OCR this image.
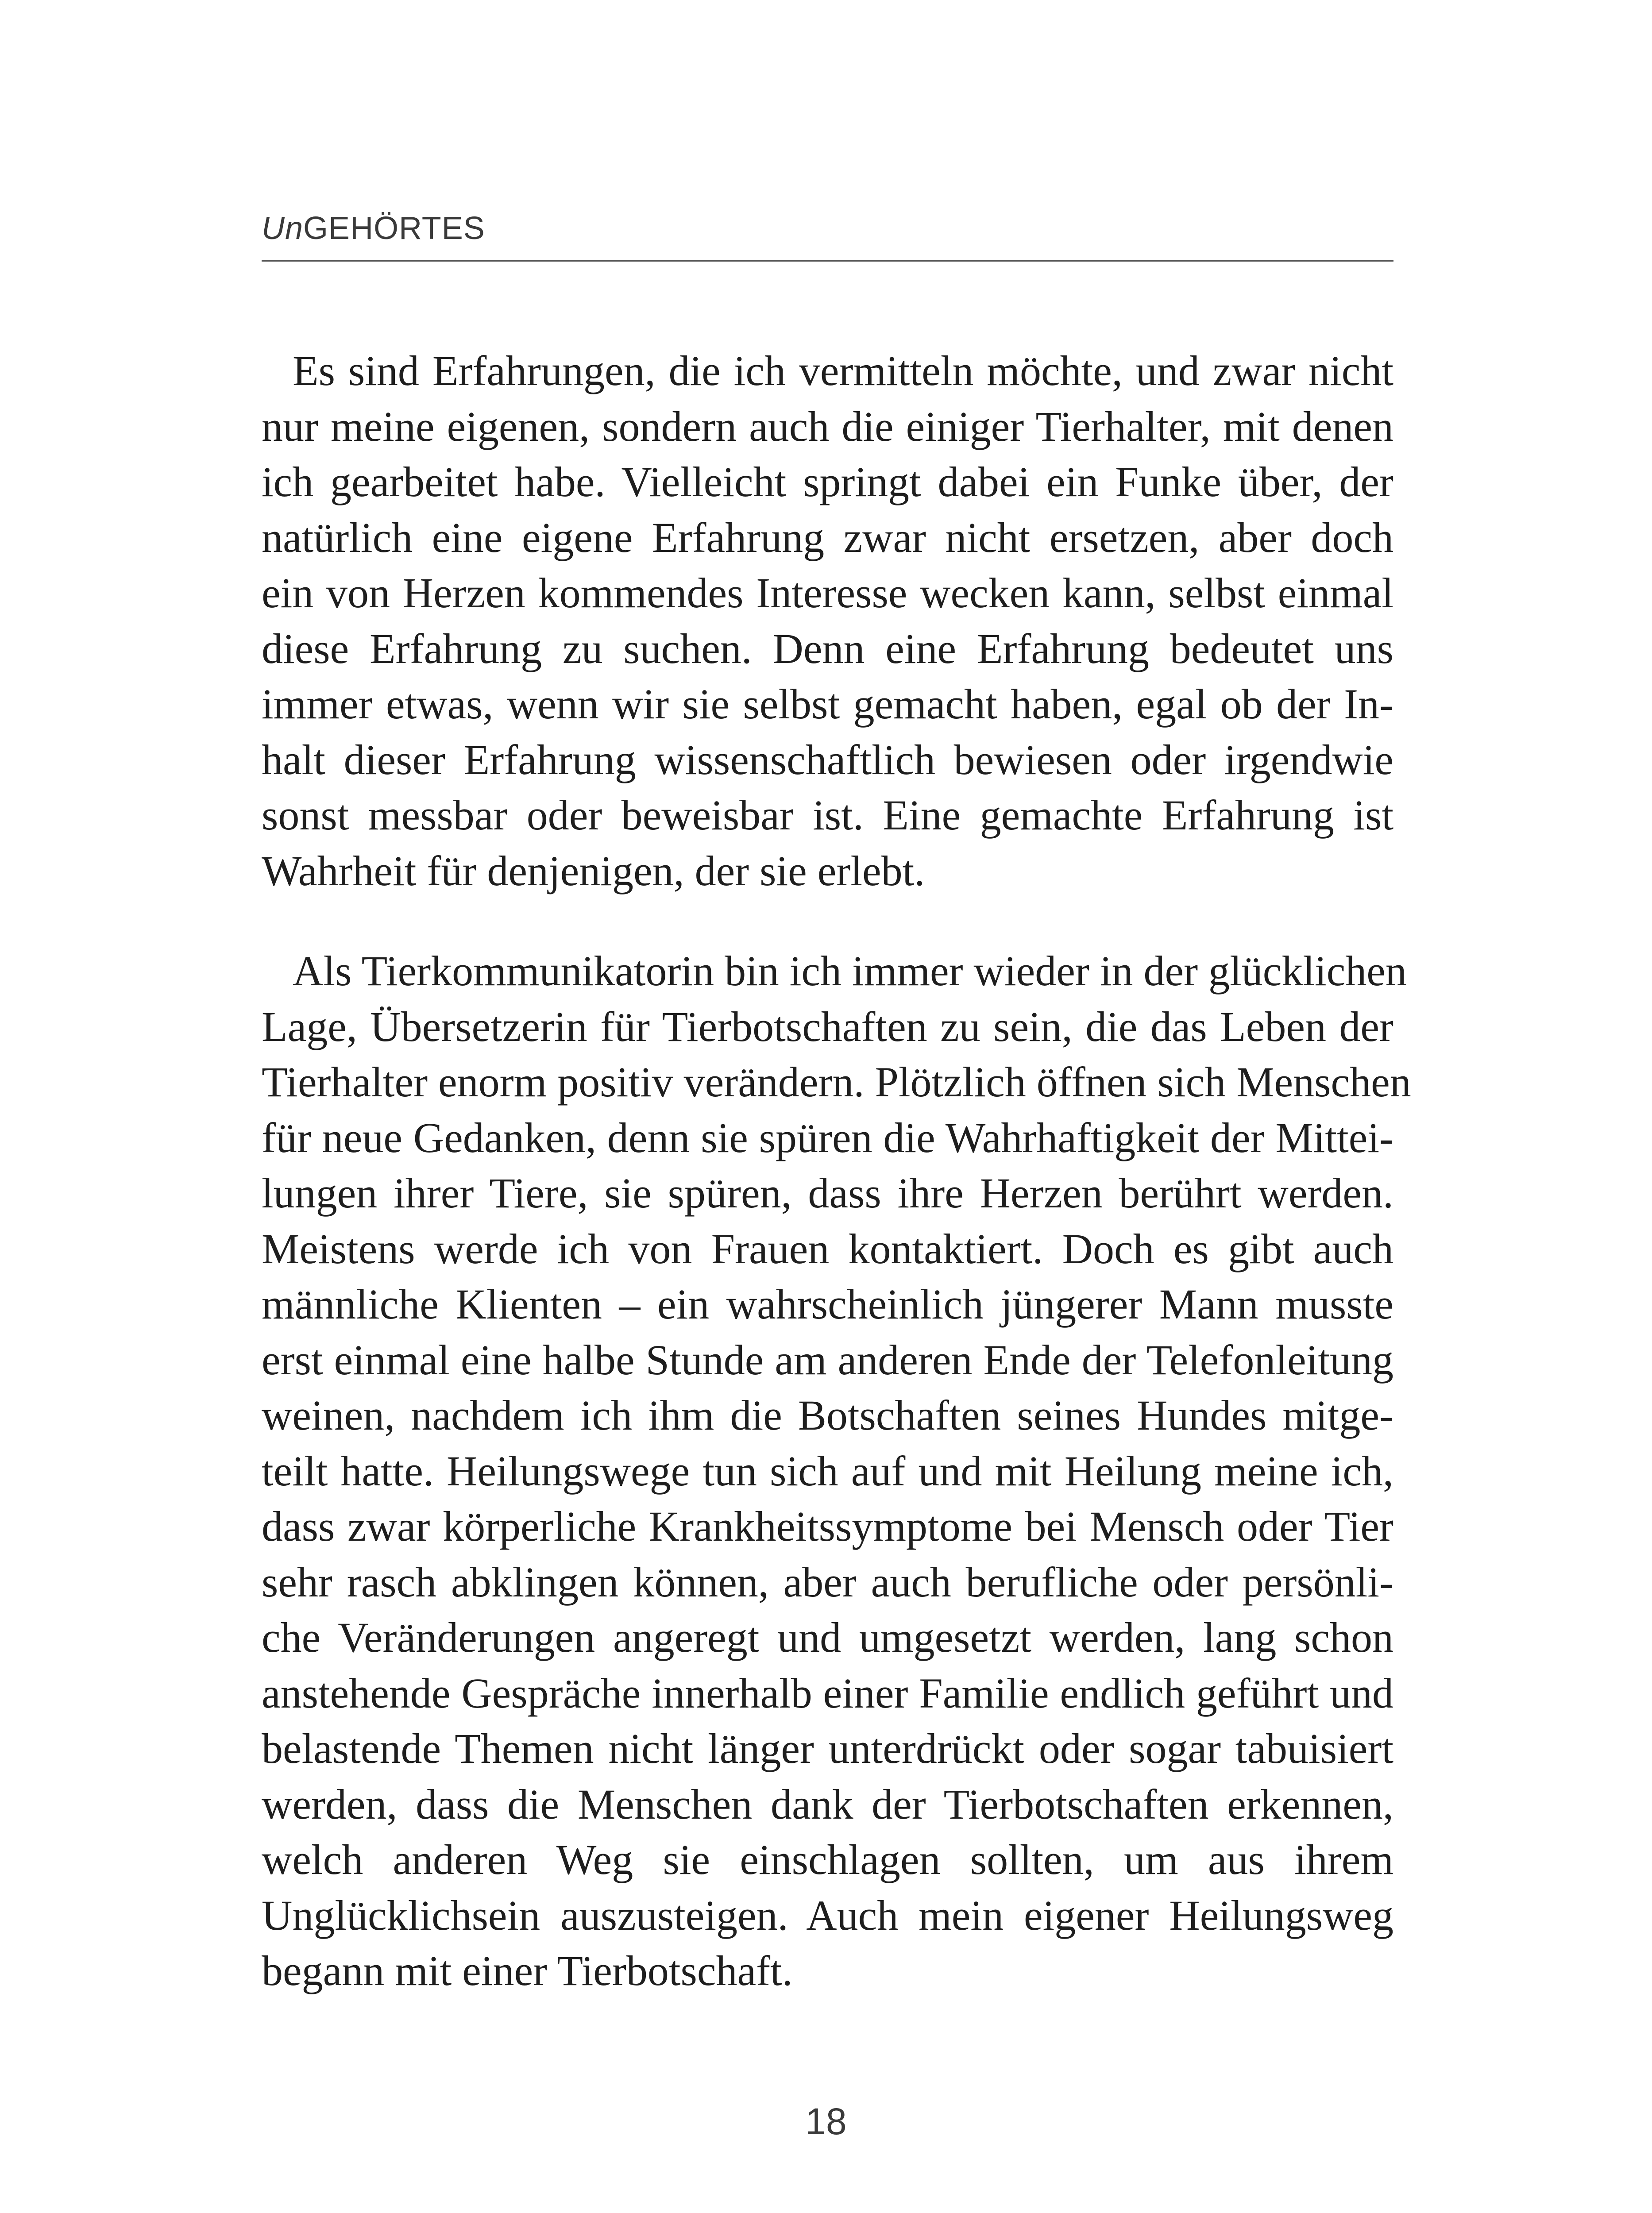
UnGEHÖRTES
Es sind Erfahrungen, die ich vermitteln möchte, und zwar nicht
nur meine eigenen, sondern auch die einiger Tierhalter, mit denen
ich gearbeitet habe. Vielleicht springt dabei ein Funke über, der
natürlich eine eigene Erfahrung zwar nicht ersetzen, aber doch
ein von Herzen kommendes Interesse wecken kann, selbst einmal
diese Erfahrung zu suchen. Denn eine Erfahrung bedeutet uns
immer etwas, wenn wir sie selbst gemacht haben, egal ob der In-
halt dieser Erfahrung wissenschaftlich bewiesen oder irgendwie
sonst messbar oder beweisbar ist. Eine gemachte Erfahrung ist
Wahrheit für denjenigen, der sie erlebt.
Als Tierkommunikatorin bin ich immer wieder in der glücklichen
Lage, Übersetzerin für Tierbotschaften zu sein, die das Leben der
Tierhalter enorm positiv verändern. Plötzlich öffnen sich Menschen
für neue Gedanken, denn sie spüren die Wahrhaftigkeit der Mittei-
lungen ihrer Tiere, sie spüren, dass ihre Herzen berührt werden.
Meistens werde ich von Frauen kontaktiert. Doch es gibt auch
männliche Klienten – ein wahrscheinlich jüngerer Mann musste
erst einmal eine halbe Stunde am anderen Ende der Telefonleitung
weinen, nachdem ich ihm die Botschaften seines Hundes mitge-
teilt hatte. Heilungswege tun sich auf und mit Heilung meine ich,
dass zwar körperliche Krankheitssymptome bei Mensch oder Tier
sehr rasch abklingen können, aber auch berufliche oder persönli-
che Veränderungen angeregt und umgesetzt werden, lang schon
anstehende Gespräche innerhalb einer Familie endlich geführt und
belastende Themen nicht länger unterdrückt oder sogar tabuisiert
werden, dass die Menschen dank der Tierbotschaften erkennen,
welch anderen Weg sie einschlagen sollten, um aus ihrem
Unglücklichsein auszusteigen. Auch mein eigener Heilungsweg
begann mit einer Tierbotschaft.
18
